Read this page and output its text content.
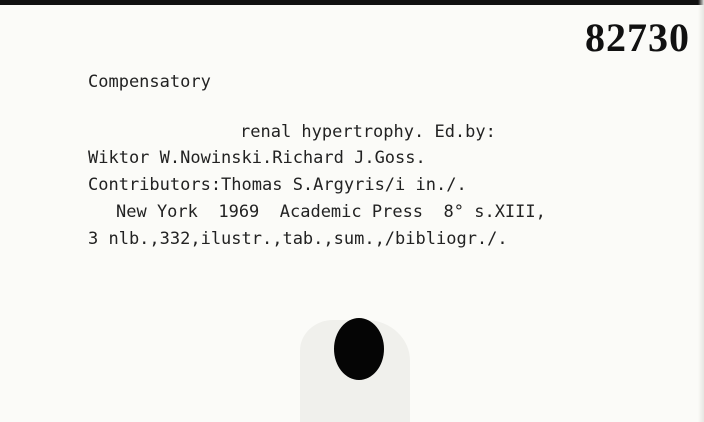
82730
Compensatory
renal hypertrophy. Ed.by:
Wiktor W.Nowinski.Richard J.Goss.
Contributors:Thomas S.Argyris/i in./.
New York  1969  Academic Press  8° s.XIII,
3 nlb.,332,ilustr.,tab.,sum.,/bibliogr./.
